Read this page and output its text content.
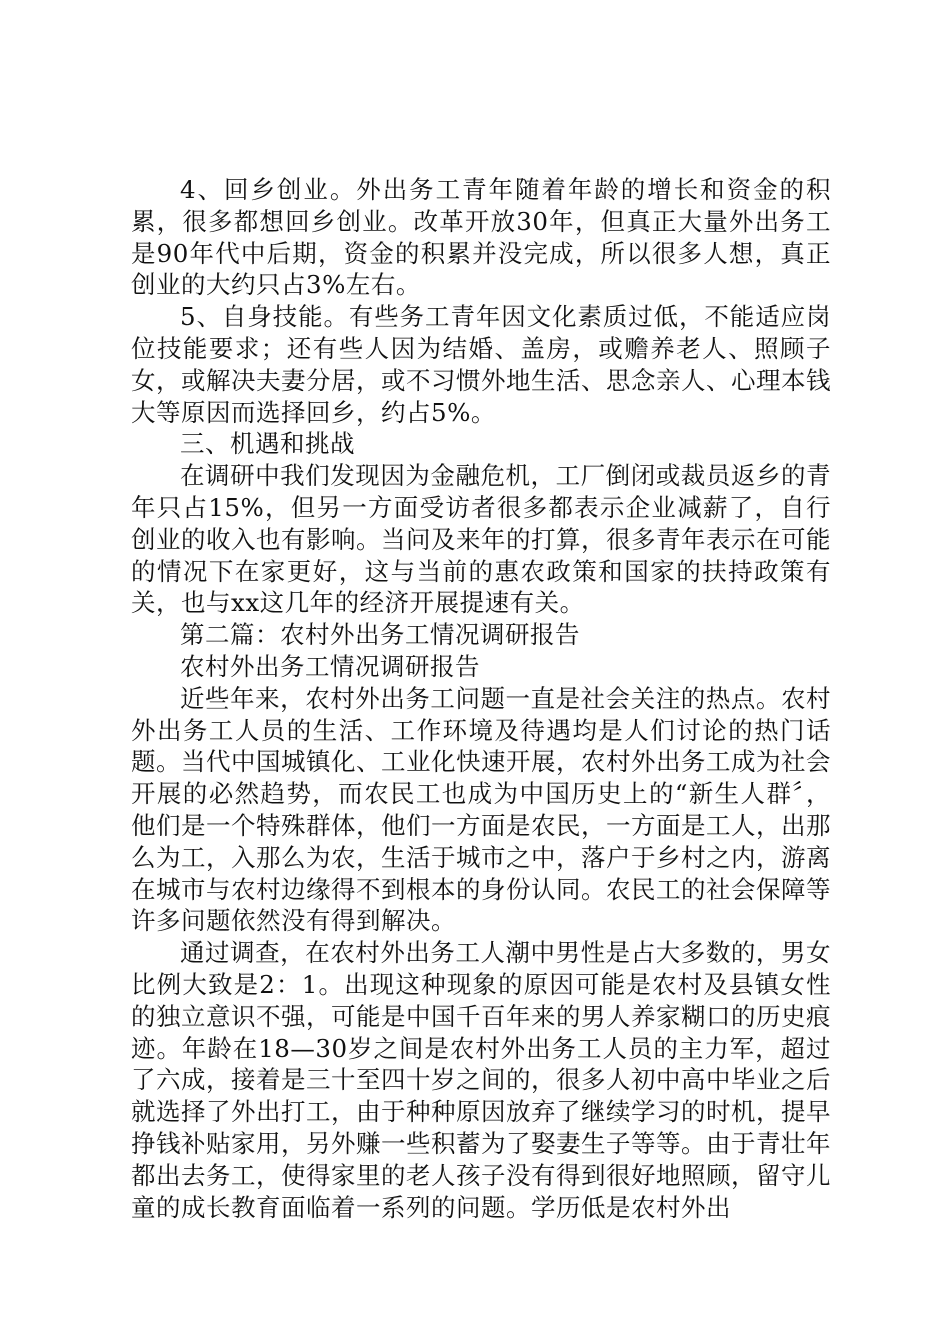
4、回乡创业。外出务工青年随着年龄的增长和资金的积累，很多都想回乡创业。改革开放30年，但真正大量外出务工是90年代中后期，资金的积累并没完成，所以很多人想，真正创业的大约只占3%左右。

5、自身技能。有些务工青年因文化素质过低，不能适应岗位技能要求；还有些人因为结婚、盖房，或赡养老人、照顾子女，或解决夫妻分居，或不习惯外地生活、思念亲人、心理本钱大等原因而选择回乡，约占5%。

三、机遇和挑战

在调研中我们发现因为金融危机，工厂倒闭或裁员返乡的青年只占15%，但另一方面受访者很多都表示企业减薪了，自行创业的收入也有影响。当问及来年的打算，很多青年表示在可能的情况下在家更好，这与当前的惠农政策和国家的扶持政策有关，也与xx这几年的经济开展提速有关。

第二篇：农村外出务工情况调研报告

农村外出务工情况调研报告

近些年来，农村外出务工问题一直是社会关注的热点。农村外出务工人员的生活、工作环境及待遇均是人们讨论的热门话题。当代中国城镇化、工业化快速开展，农村外出务工成为社会开展的必然趋势，而农民工也成为中国历史上的“新生人群〞，他们是一个特殊群体，他们一方面是农民，一方面是工人，出那么为工，入那么为农，生活于城市之中，落户于乡村之内，游离在城市与农村边缘得不到根本的身份认同。农民工的社会保障等许多问题依然没有得到解决。

通过调查，在农村外出务工人潮中男性是占大多数的，男女比例大致是2：1。出现这种现象的原因可能是农村及县镇女性的独立意识不强，可能是中国千百年来的男人养家糊口的历史痕迹。年龄在18—30岁之间是农村外出务工人员的主力军，超过了六成，接着是三十至四十岁之间的，很多人初中高中毕业之后就选择了外出打工，由于种种原因放弃了继续学习的时机，提早挣钱补贴家用，另外赚一些积蓄为了娶妻生子等等。由于青壮年都出去务工，使得家里的老人孩子没有得到很好地照顾，留守儿童的成长教育面临着一系列的问题。学历低是农村外出
